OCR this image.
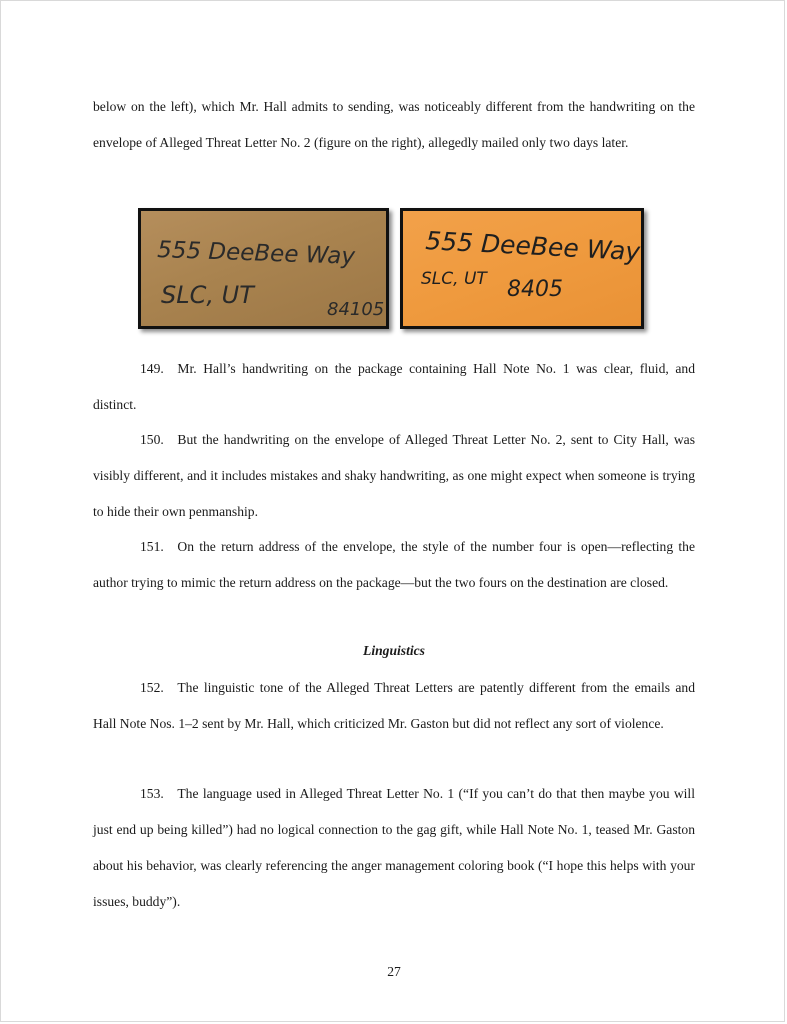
below on the left), which Mr. Hall admits to sending, was noticeably different from the handwriting on the envelope of Alleged Threat Letter No. 2 (figure on the right), allegedly mailed only two days later.

555 DeeBee Way
SLC, UT
84105
555 DeeBee Way
SLC, UT 8405

149. Mr. Hall’s handwriting on the package containing Hall Note No. 1 was clear, fluid, and distinct.

150. But the handwriting on the envelope of Alleged Threat Letter No. 2, sent to City Hall, was visibly different, and it includes mistakes and shaky handwriting, as one might expect when someone is trying to hide their own penmanship.

151. On the return address of the envelope, the style of the number four is open—reflecting the author trying to mimic the return address on the package—but the two fours on the destination are closed.

Linguistics

152. The linguistic tone of the Alleged Threat Letters are patently different from the emails and Hall Note Nos. 1–2 sent by Mr. Hall, which criticized Mr. Gaston but did not reflect any sort of violence.

153. The language used in Alleged Threat Letter No. 1 (“If you can’t do that then maybe you will just end up being killed”) had no logical connection to the gag gift, while Hall Note No. 1, teased Mr. Gaston about his behavior, was clearly referencing the anger management coloring book (“I hope this helps with your issues, buddy”).

27
